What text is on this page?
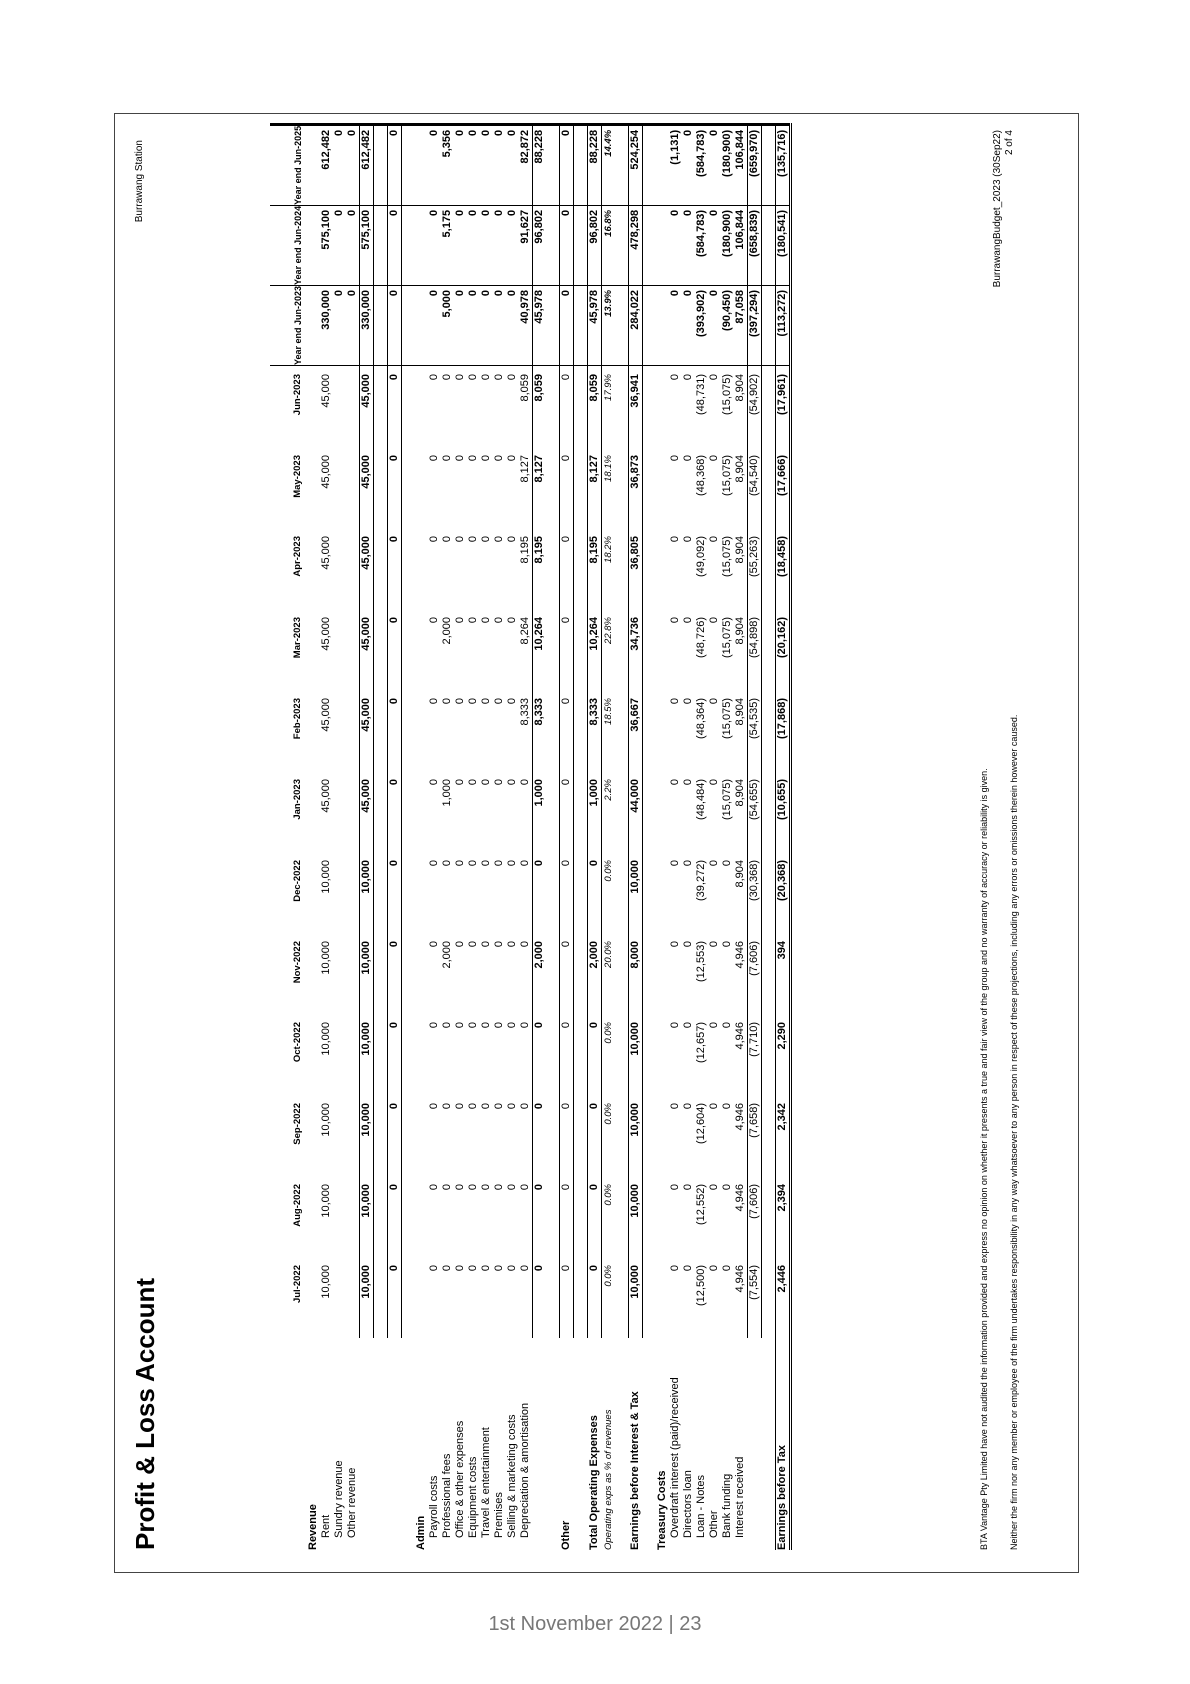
Profit & Loss Account
Burrawang Station
	Jul-2022	Aug-2022	Sep-2022	Oct-2022	Nov-2022	Dec-2022	Jan-2023	Feb-2023	Mar-2023	Apr-2023	May-2023	Jun-2023	Year end Jun-2023	Year end Jun-2024	Year end Jun-2025
Revenue															
Rent	10,000	10,000	10,000	10,000	10,000	10,000	45,000	45,000	45,000	45,000	45,000	45,000	330,000	575,100	612,482
Sundry revenue													0	0	0
Other revenue													0	0	0
	10,000	10,000	10,000	10,000	10,000	10,000	45,000	45,000	45,000	45,000	45,000	45,000	330,000	575,100	612,482

	0	0	0	0	0	0	0	0	0	0	0	0	0	0	0

Admin															
Payroll costs	0	0	0	0	0	0	0	0	0	0	0	0	0	0	0
Professional fees	0	0	0	0	2,000	0	1,000	0	2,000	0	0	0	5,000	5,175	5,356
Office & other expenses	0	0	0	0	0	0	0	0	0	0	0	0	0	0	0
Equipment costs	0	0	0	0	0	0	0	0	0	0	0	0	0	0	0
Travel & entertainment	0	0	0	0	0	0	0	0	0	0	0	0	0	0	0
Premises	0	0	0	0	0	0	0	0	0	0	0	0	0	0	0
Selling & marketing costs	0	0	0	0	0	0	0	0	0	0	0	0	0	0	0
Depreciation & amortisation	0	0	0	0	0	0	0	8,333	8,264	8,195	8,127	8,059	40,978	91,627	82,872
	0	0	0	0	2,000	0	1,000	8,333	10,264	8,195	8,127	8,059	45,978	96,802	88,228

Other	0	0	0	0	0	0	0	0	0	0	0	0	0	0	0

Total Operating Expenses	0	0	0	0	2,000	0	1,000	8,333	10,264	8,195	8,127	8,059	45,978	96,802	88,228
Operating exps as % of revenues	0.0%	0.0%	0.0%	0.0%	20.0%	0.0%	2.2%	18.5%	22.8%	18.2%	18.1%	17.9%	13.9%	16.8%	14.4%

Earnings before Interest & Tax	10,000	10,000	10,000	10,000	8,000	10,000	44,000	36,667	34,736	36,805	36,873	36,941	284,022	478,298	524,254

Treasury Costs															
Overdraft interest (paid)/received	0	0	0	0	0	0	0	0	0	0	0	0	0	0	(1,131)
Directors loan	0	0	0	0	0	0	0	0	0	0	0	0	0	0	0
Loan - Notes	(12,500)	(12,552)	(12,604)	(12,657)	(12,553)	(39,272)	(48,484)	(48,364)	(48,726)	(49,092)	(48,368)	(48,731)	(393,902)	(584,783)	(584,783)
Other	0	0	0	0	0	0	0	0	0	0	0	0	0	0	0
Bank funding	0	0	0	0	0	0	(15,075)	(15,075)	(15,075)	(15,075)	(15,075)	(15,075)	(90,450)	(180,900)	(180,900)
Interest received	4,946	4,946	4,946	4,946	4,946	8,904	8,904	8,904	8,904	8,904	8,904	8,904	87,058	106,844	106,844
	(7,554)	(7,606)	(7,658)	(7,710)	(7,606)	(30,368)	(54,655)	(54,535)	(54,898)	(55,263)	(54,540)	(54,902)	(397,294)	(658,839)	(659,970)

Earnings before Tax	2,446	2,394	2,342	2,290	394	(20,368)	(10,655)	(17,868)	(20,162)	(18,458)	(17,666)	(17,961)	(113,272)	(180,541)	(135,716)
BTA Vantage Pty Limited have not audited the information provided and express no opinion on whether it presents a true and fair view of the group and no warranty of accuracy or reliability is given. Neither the firm nor any member or employee of the firm undertakes responsibility in any way whatsoever to any person in respect of these projections, including any errors or omissions therein however caused.
BurrawangBudget_2023 (30Sep22) 2 of 4
1st November 2022 | 23
